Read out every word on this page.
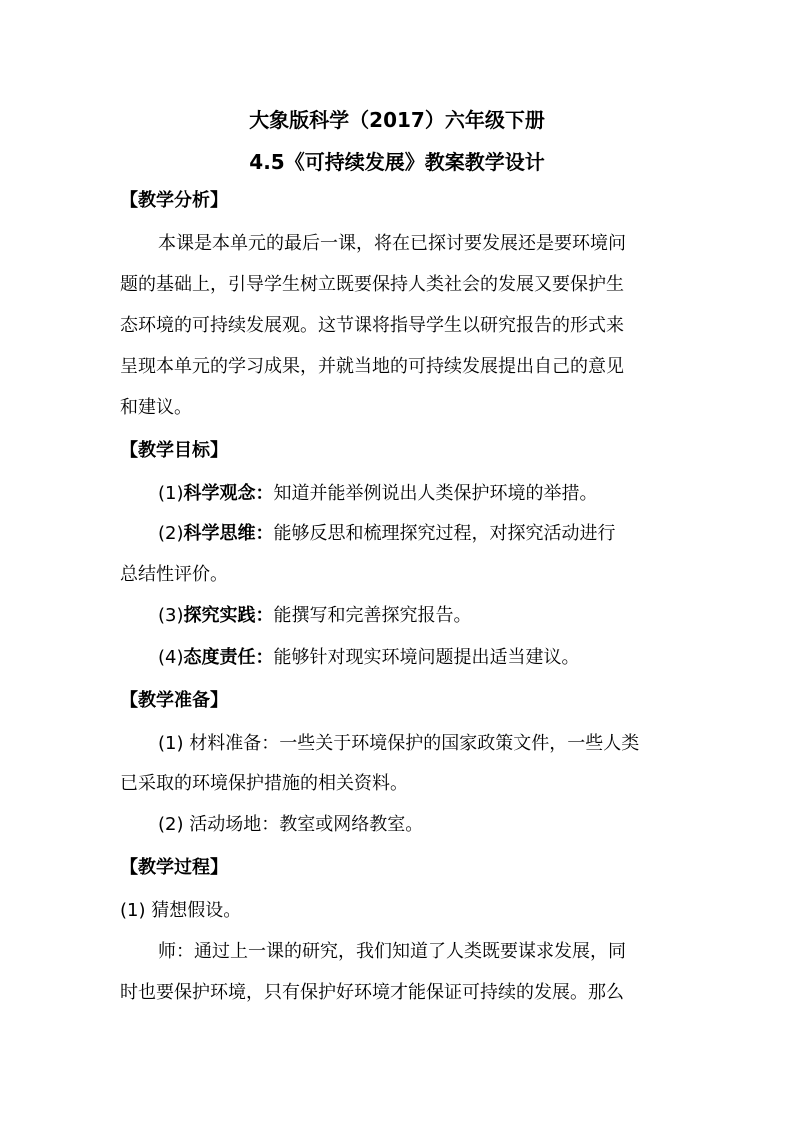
大象版科学（2017）六年级下册
4.5《可持续发展》教案教学设计
【教学分析】
本课是本单元的最后一课，将在已探讨要发展还是要环境问
题的基础上，引导学生树立既要保持人类社会的发展又要保护生
态环境的可持续发展观。这节课将指导学生以研究报告的形式来
呈现本单元的学习成果，并就当地的可持续发展提出自己的意见
和建议。
【教学目标】
(1)科学观念：知道并能举例说出人类保护环境的举措。
(2)科学思维：能够反思和梳理探究过程，对探究活动进行
总结性评价。
(3)探究实践：能撰写和完善探究报告。
(4)态度责任：能够针对现实环境问题提出适当建议。
【教学准备】
(1) 材料准备：一些关于环境保护的国家政策文件，一些人类
已采取的环境保护措施的相关资料。
(2) 活动场地：教室或网络教室。
【教学过程】
(1) 猜想假设。
师：通过上一课的研究，我们知道了人类既要谋求发展，同
时也要保护环境，只有保护好环境才能保证可持续的发展。那么
